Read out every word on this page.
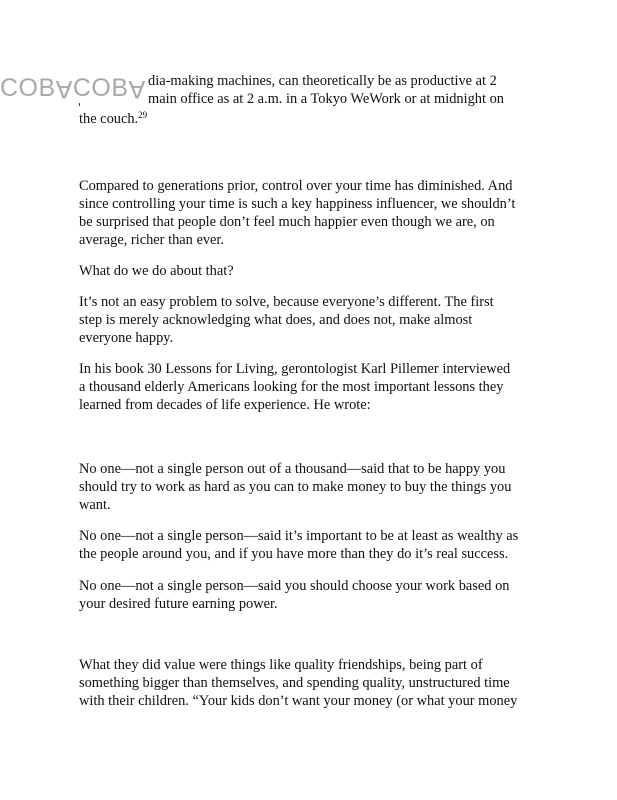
COBACOBA dia-making machines, can theoretically be as productive at 2
main office as at 2 a.m. in a Tokyo WeWork or at midnight on
the couch.$^{29}$
Compared to generations prior, control over your time has diminished. And
since controlling your time is such a key happiness influencer, we shouldn’t
be surprised that people don’t feel much happier even though we are, on
average, richer than ever.
What do we do about that?
It’s not an easy problem to solve, because everyone’s different. The first
step is merely acknowledging what does, and does not, make almost
everyone happy.
In his book 30 Lessons for Living, gerontologist Karl Pillemer interviewed
a thousand elderly Americans looking for the most important lessons they
learned from decades of life experience. He wrote:
No one—not a single person out of a thousand—said that to be happy you
should try to work as hard as you can to make money to buy the things you
want.
No one—not a single person—said it’s important to be at least as wealthy as
the people around you, and if you have more than they do it’s real success.
No one—not a single person—said you should choose your work based on
your desired future earning power.
What they did value were things like quality friendships, being part of
something bigger than themselves, and spending quality, unstructured time
with their children. “Your kids don’t want your money (or what your money
